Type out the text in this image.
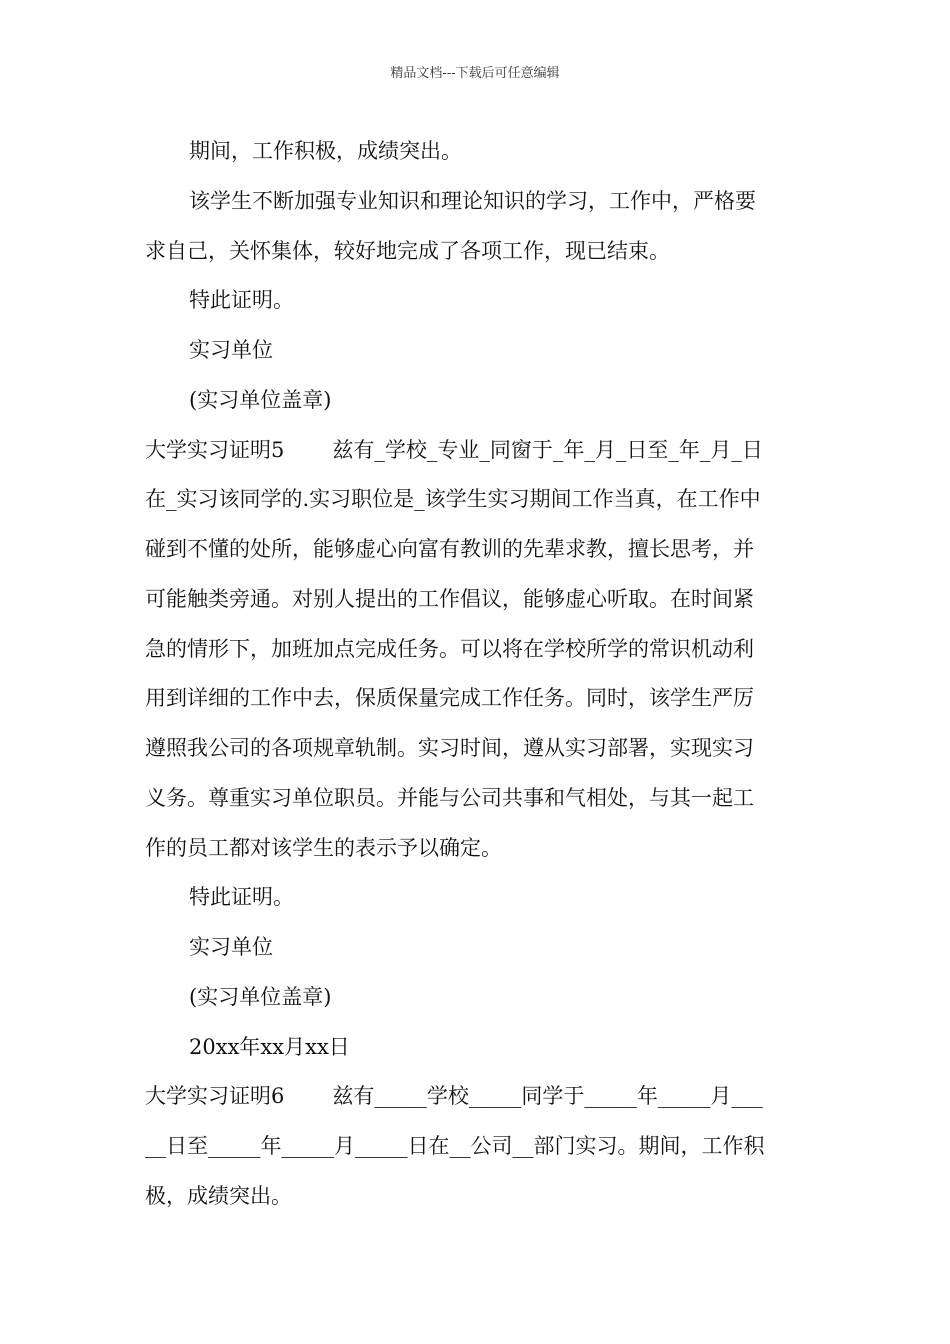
精品文档---下载后可任意编辑
期间，工作积极，成绩突出。
该学生不断加强专业知识和理论知识的学习，工作中，严格要
求自己，关怀集体，较好地完成了各项工作，现已结束。
特此证明。
实习单位
(实习单位盖章)
大学实习证明5 兹有_学校_专业_同窗于_年_月_日至_年_月_日
在_实习该同学的.实习职位是_该学生实习期间工作当真，在工作中
碰到不懂的处所，能够虚心向富有教训的先辈求教，擅长思考，并
可能触类旁通。对别人提出的工作倡议，能够虚心听取。在时间紧
急的情形下，加班加点完成任务。可以将在学校所学的常识机动利
用到详细的工作中去，保质保量完成工作任务。同时，该学生严厉
遵照我公司的各项规章轨制。实习时间，遵从实习部署，实现实习
义务。尊重实习单位职员。并能与公司共事和气相处，与其一起工
作的员工都对该学生的表示予以确定。
特此证明。
实习单位
(实习单位盖章)
20xx年xx月xx日
大学实习证明6 兹有_____学校_____同学于_____年_____月___
__日至_____年_____月_____日在__公司__部门实习。期间，工作积
极，成绩突出。
